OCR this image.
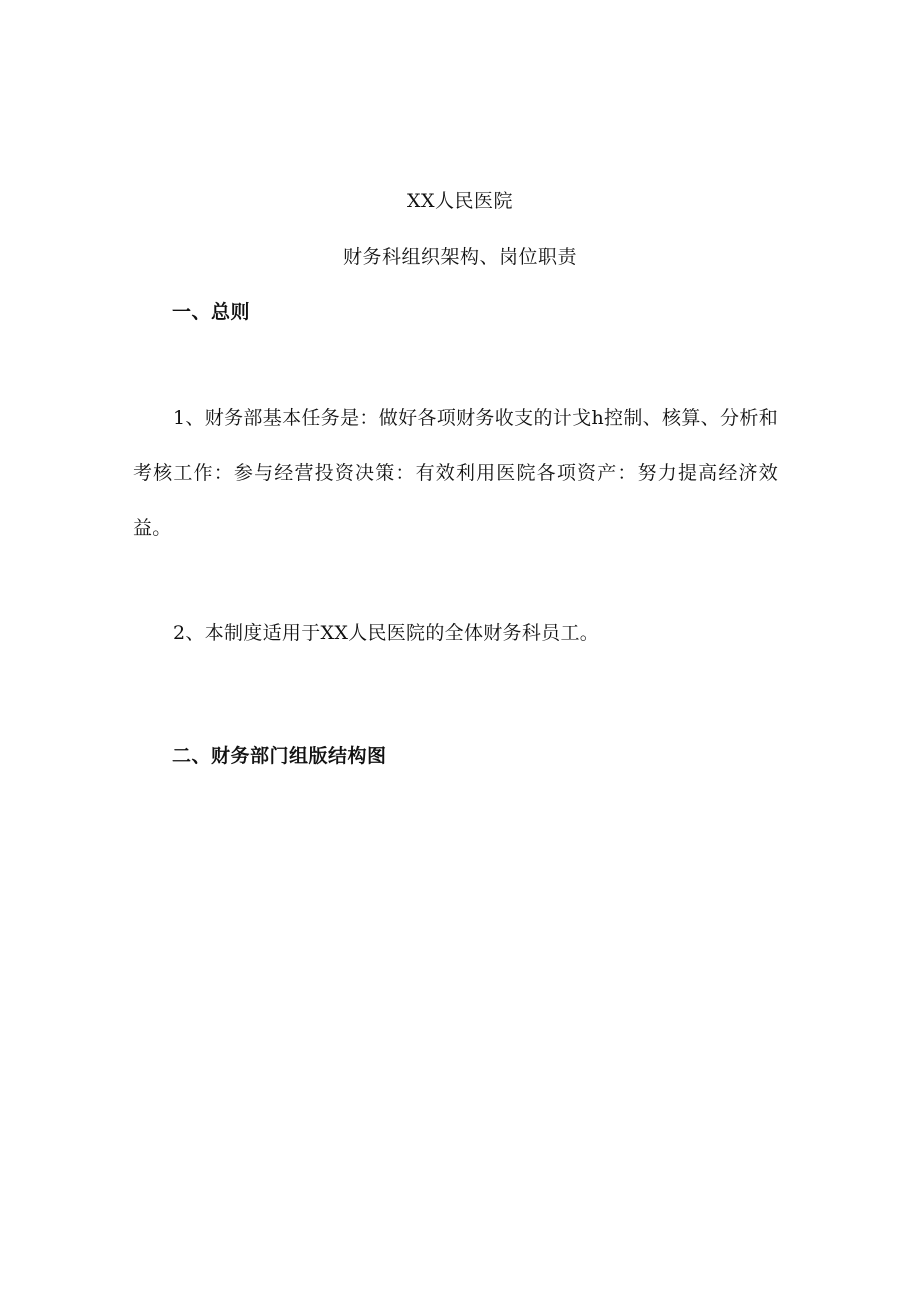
XX人民医院
财务科组织架构、岗位职责
一、总则
1、财务部基本任务是：做好各项财务收支的计戈h控制、核算、分析和考核工作：参与经营投资决策：有效利用医院各项资产：努力提高经济效益。
2、本制度适用于XX人民医院的全体财务科员工。
二、财务部门组版结构图
